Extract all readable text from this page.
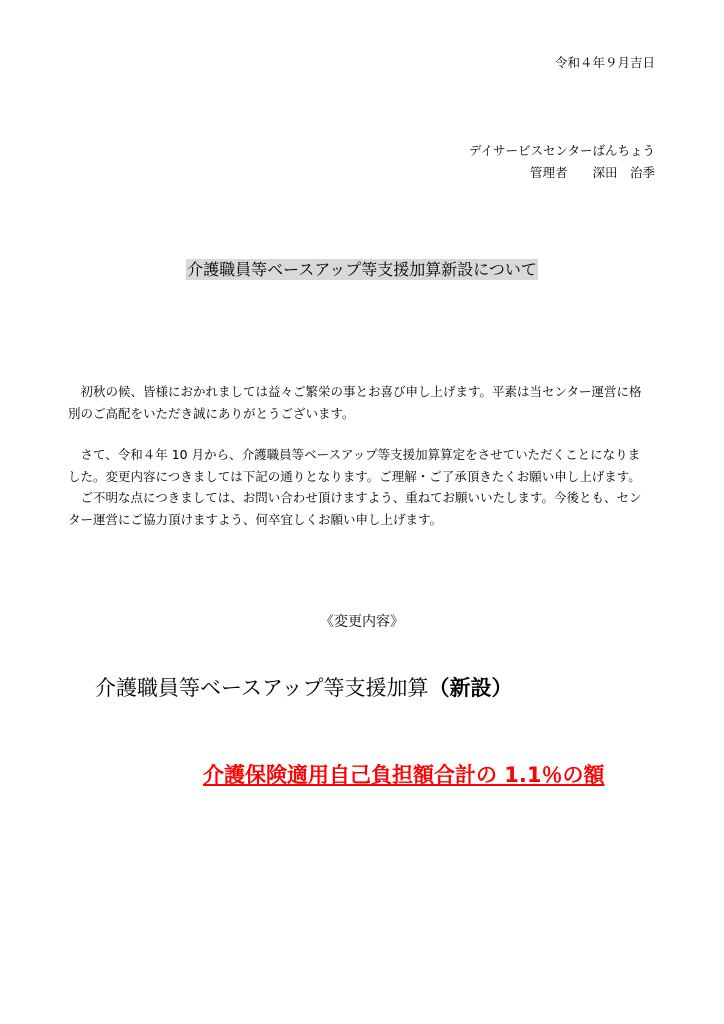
令和４年９月吉日
デイサービスセンターばんちょう
管理者　　深田　治季
介護職員等ベースアップ等支援加算新設について
　初秋の候、皆様におかれましては益々ご繁栄の事とお喜び申し上げます。平素は当センター運営に格
別のご高配をいただき誠にありがとうございます。
　さて、令和４年 10 月から、介護職員等ベースアップ等支援加算算定をさせていただくことになりま
した。変更内容につきましては下記の通りとなります。ご理解・ご了承頂きたくお願い申し上げます。
　ご不明な点につきましては、お問い合わせ頂けますよう、重ねてお願いいたします。今後とも、セン
ター運営にご協力頂けますよう、何卒宜しくお願い申し上げます。
《変更内容》
介護職員等ベースアップ等支援加算（新設）
介護保険適用自己負担額合計の 1.1％の額
